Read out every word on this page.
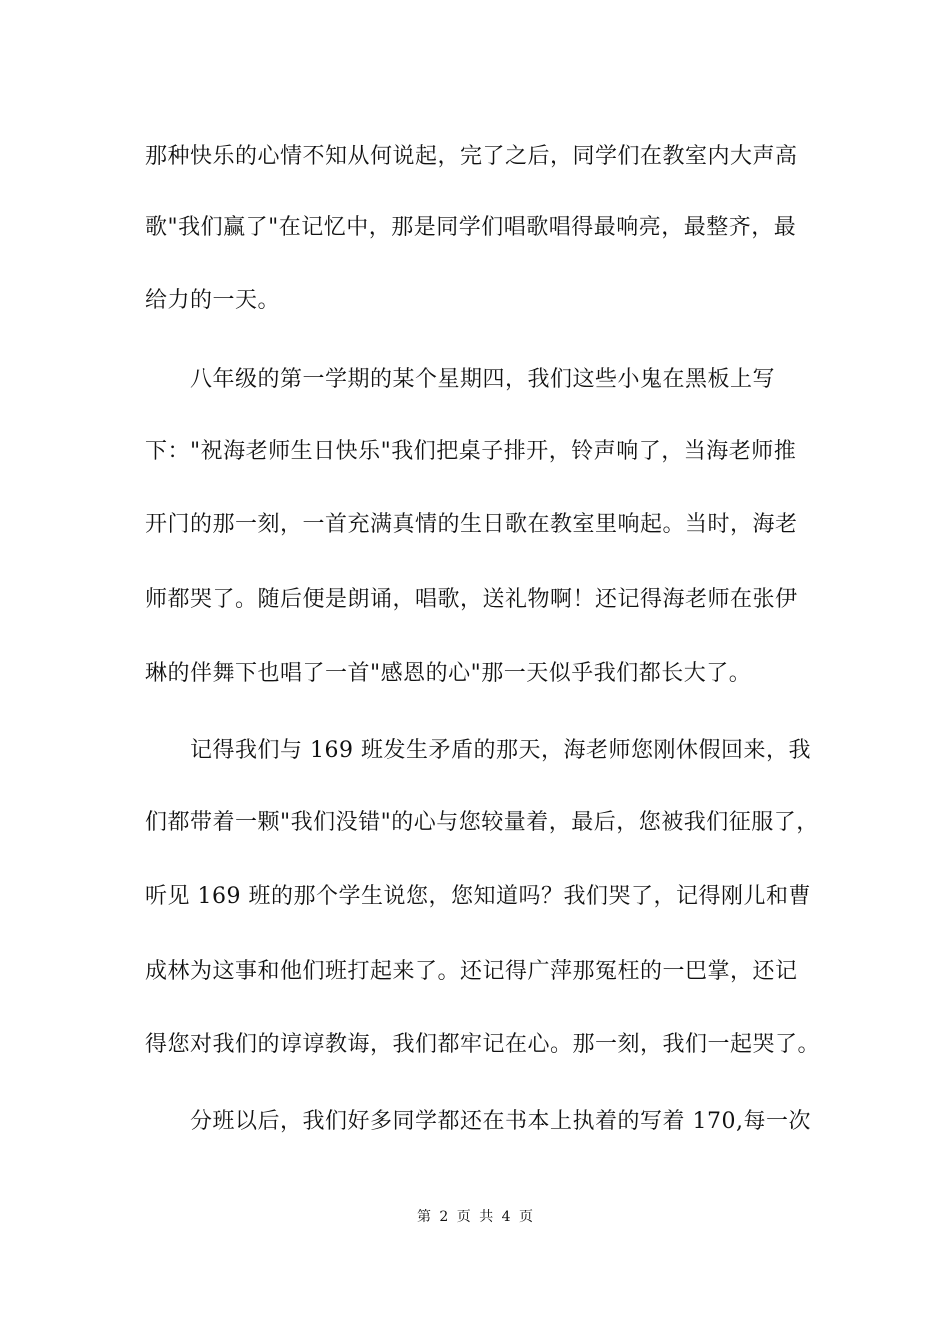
那种快乐的心情不知从何说起，完了之后，同学们在教室内大声高
歌"我们赢了"在记忆中，那是同学们唱歌唱得最响亮，最整齐，最
给力的一天。
八年级的第一学期的某个星期四，我们这些小鬼在黑板上写
下："祝海老师生日快乐"我们把桌子排开，铃声响了，当海老师推
开门的那一刻，一首充满真情的生日歌在教室里响起。当时，海老
师都哭了。随后便是朗诵，唱歌，送礼物啊！还记得海老师在张伊
琳的伴舞下也唱了一首"感恩的心"那一天似乎我们都长大了。
记得我们与 169 班发生矛盾的那天，海老师您刚休假回来，我
们都带着一颗"我们没错"的心与您较量着，最后，您被我们征服了，
听见 169 班的那个学生说您，您知道吗？我们哭了，记得刚儿和曹
成林为这事和他们班打起来了。还记得广萍那冤枉的一巴掌，还记
得您对我们的谆谆教诲，我们都牢记在心。那一刻，我们一起哭了。
分班以后，我们好多同学都还在书本上执着的写着 170,每一次
第 2 页 共 4 页
